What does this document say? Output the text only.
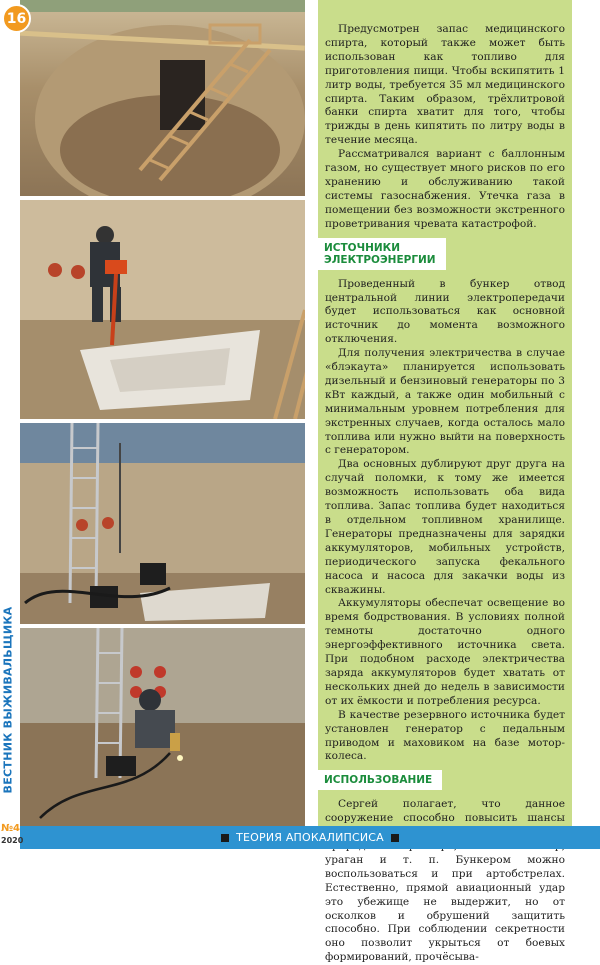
16
ВЕСТНИК ВЫЖИВАЛЬЩИКА
№4
2020

Предусмотрен запас медицинского спирта, который также может быть использован как топливо для приготовления пищи. Чтобы вскипятить 1 литр воды, требуется 35 мл медицинского спирта. Таким образом, трёхлитровой банки спирта хватит для того, чтобы трижды в день кипятить по литру воды в течение месяца.

Рассматривался вариант с баллонным газом, но существует много рисков по его хранению и обслуживанию такой системы газоснабжения. Утечка газа в помещении без возможности экстренного проветривания чревата катастрофой.

ИСТОЧНИКИ
ЭЛЕКТРОЭНЕРГИИ

Проведенный в бункер отвод центральной линии электропередачи будет использоваться как основной источник до момента возможного отключения.

Для получения электричества в случае «блэкаута» планируется использовать дизельный и бензиновый генераторы по 3 кВт каждый, а также один мобильный с минимальным уровнем потребления для экстренных случаев, когда осталось мало топлива или нужно выйти на поверхность с генератором.

Два основных дублируют друг друга на случай поломки, к тому же имеется возможность использовать оба вида топлива. Запас топлива будет находиться в отдельном топливном хранилище. Генераторы предназначены для зарядки аккумуляторов, мобильных устройств, периодического запуска фекального насоса и насоса для закачки воды из скважины.

Аккумуляторы обеспечат освещение во время бодрствования. В условиях полной темноты достаточно одного энергоэффективного источника света. При подобном расходе электричества заряда аккумуляторов будет хватать от нескольких дней до недель в зависимости от их ёмкости и потребления ресурса.

В качестве резервного источника будет установлен генератор с педальным приводом и маховиком на базе мотор-колеса.

ИСПОЛЬЗОВАНИЕ

Сергей полагает, что данное сооружение способно повысить шансы ураган и т. п. Бункером можно воспользоваться и при артобстрелах. Естественно, прямой авиационный удар это убежище не выдержит, но от осколков и обрушений защитить способно. При соблюдении секретности оно позволит укрыться от боевых формирований, прочёсыва-

ТЕОРИЯ АПОКАЛИПСИСА
